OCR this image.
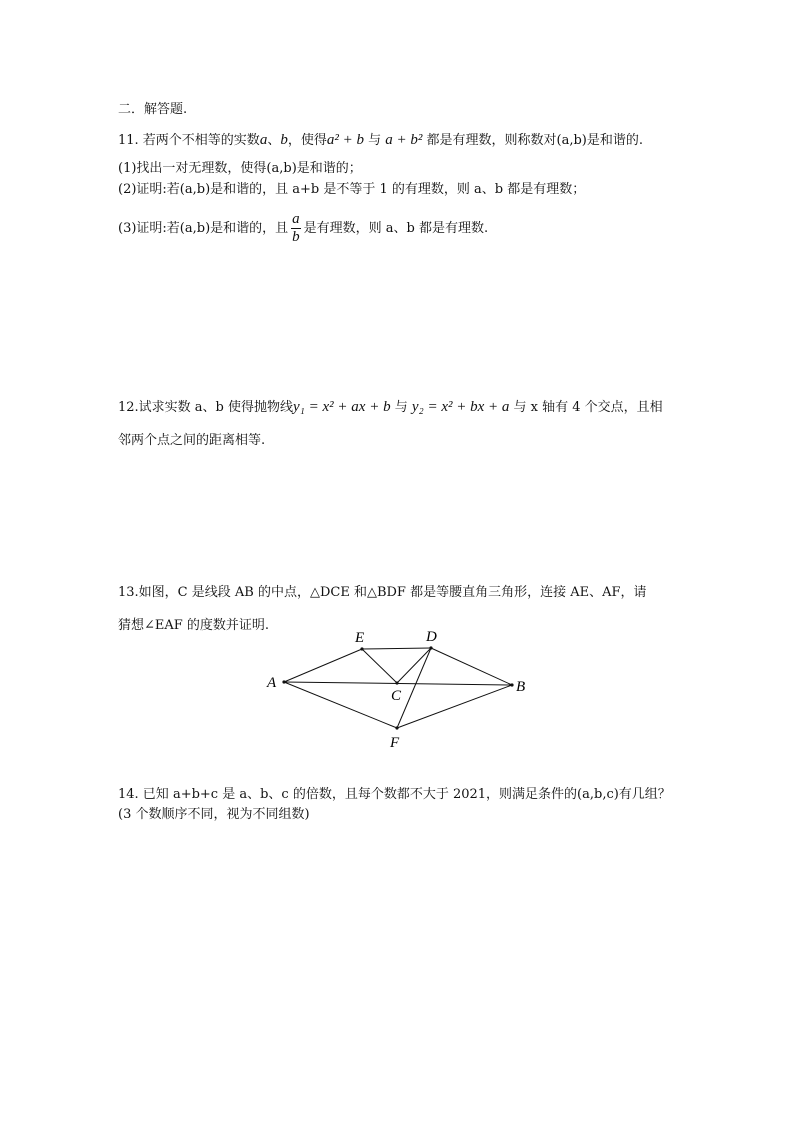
二．解答题.
11. 若两个不相等的实数a、b，使得a² + b 与 a + b² 都是有理数，则称数对(a,b)是和谐的.
(1)找出一对无理数，使得(a,b)是和谐的；
(2)证明:若(a,b)是和谐的，且 a+b 是不等于 1 的有理数，则 a、b 都是有理数；
(3)证明:若(a,b)是和谐的，且 $\frac{a}{b}$ 是有理数，则 a、b 都是有理数.
12.试求实数 a、b 使得抛物线y₁ = x² + ax + b 与 y₂ = x² + bx + a 与 x 轴有 4 个交点，且相
邻两个点之间的距离相等.
13.如图，C 是线段 AB 的中点，△DCE 和△BDF 都是等腰直角三角形，连接 AE、AF，请
猜想∠EAF 的度数并证明.
A	B
C
D
E
F
14. 已知 a+b+c 是 a、b、c 的倍数，且每个数都不大于 2021，则满足条件的(a,b,c)有几组？
(3 个数顺序不同，视为不同组数)
